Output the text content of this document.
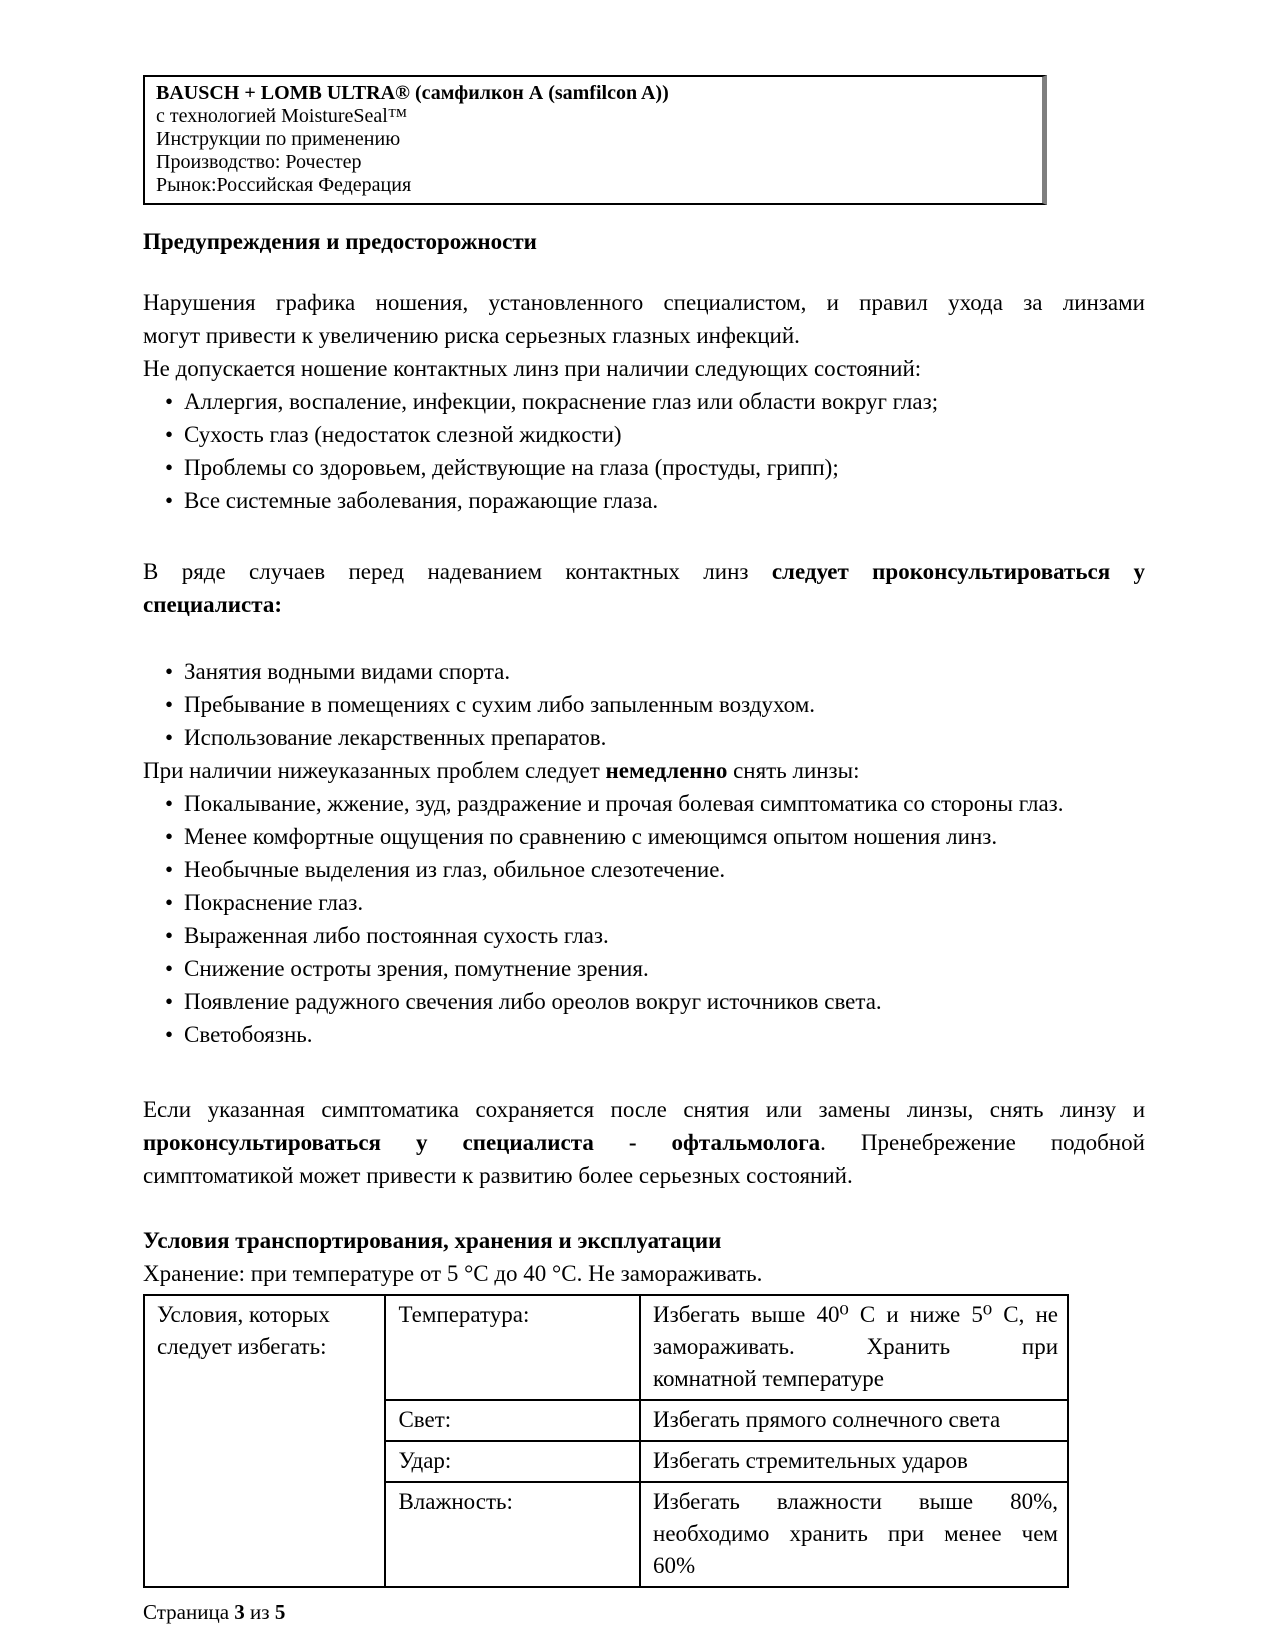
BAUSCH + LOMB ULTRA® (самфилкон А (samfilcon A))
с технологией MoistureSeal™
Инструкции по применению
Производство: Рочестер
Рынок:Российская Федерация
Предупреждения и предосторожности
Нарушения графика ношения, установленного специалистом, и правил ухода за линзами
могут привести к увеличению риска серьезных глазных инфекций.
Не допускается ношение контактных линз при наличии следующих состояний:
• Аллергия, воспаление, инфекции, покраснение глаз или области вокруг глаз;
• Сухость глаз (недостаток слезной жидкости)
• Проблемы со здоровьем, действующие на глаза (простуды, грипп);
• Все системные заболевания, поражающие глаза.
В ряде случаев перед надеванием контактных линз следует проконсультироваться у
специалиста:
• Занятия водными видами спорта.
• Пребывание в помещениях с сухим либо запыленным воздухом.
• Использование лекарственных препаратов.
При наличии нижеуказанных проблем следует немедленно снять линзы:
• Покалывание, жжение, зуд, раздражение и прочая болевая симптоматика со стороны глаз.
• Менее комфортные ощущения по сравнению с имеющимся опытом ношения линз.
• Необычные выделения из глаз, обильное слезотечение.
• Покраснение глаз.
• Выраженная либо постоянная сухость глаз.
• Снижение остроты зрения, помутнение зрения.
• Появление радужного свечения либо ореолов вокруг источников света.
• Светобоязнь.
Если указанная симптоматика сохраняется после снятия или замены линзы, снять линзу и
проконсультироваться у специалиста - офтальмолога. Пренебрежение подобной
симптоматикой может привести к развитию более серьезных состояний.
Условия транспортирования, хранения и эксплуатации
Хранение: при температуре от 5 °С до 40 °С. Не замораживать.
Условия, которых следует избегать:	Температура:	Избегать выше 40⁰ С и ниже 5⁰ С, не
замораживать. Хранить при
комнатной температуре

	Свет:	Избегать прямого солнечного света
	Удар:	Избегать стремительных ударов
	Влажность:	Избегать влажности выше 80%,
необходимо хранить при менее чем
60%
Страница 3 из 5
